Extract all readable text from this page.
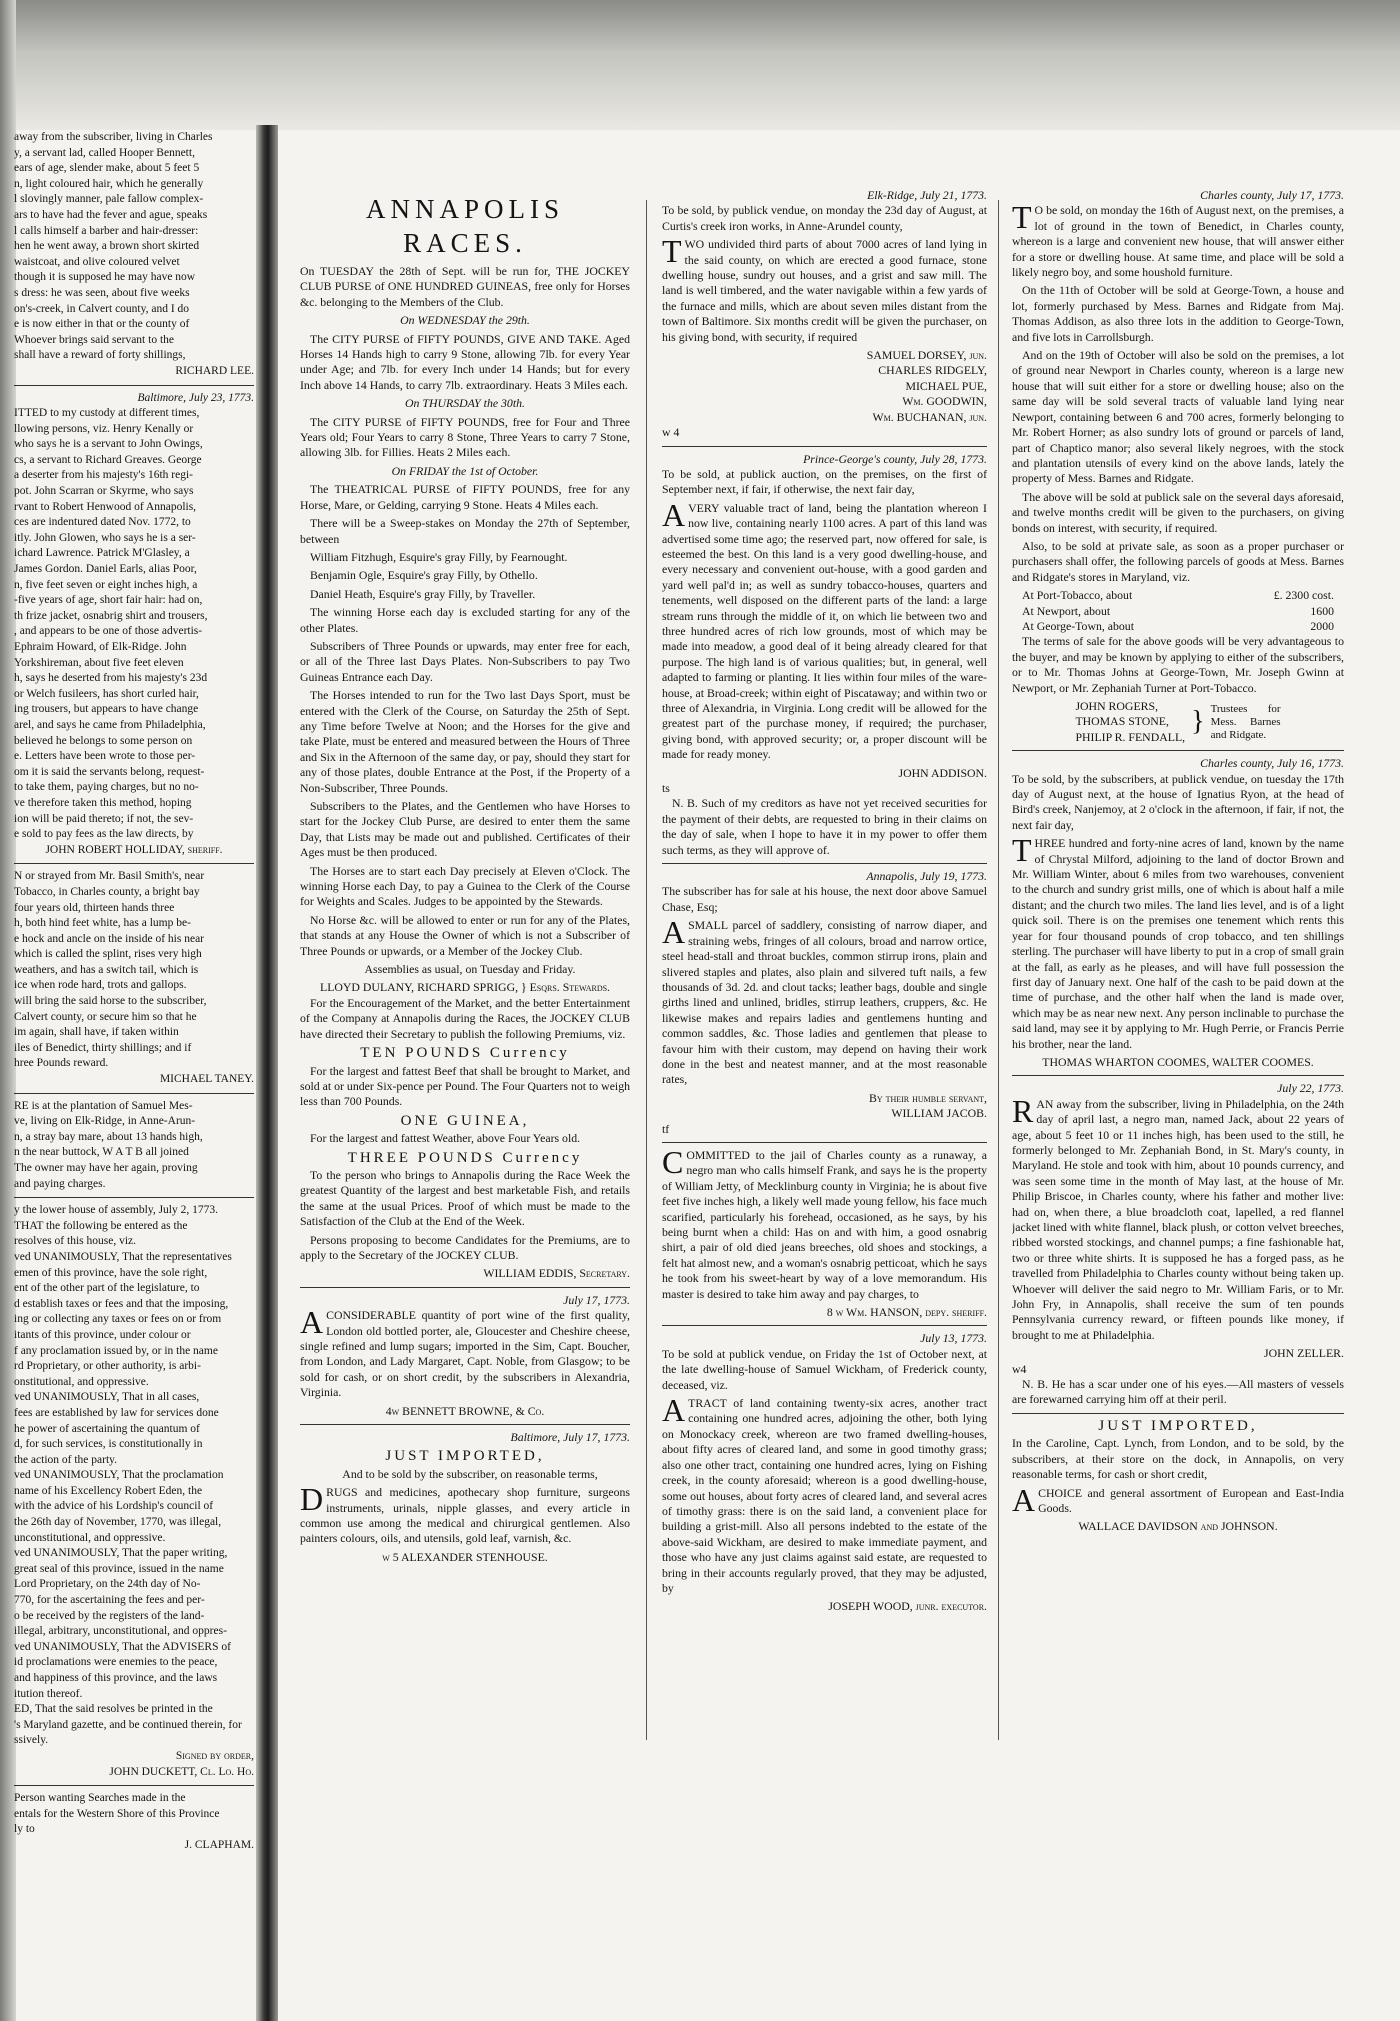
away from the subscriber, living in Charles
y, a servant lad, called Hooper Bennett,
ears of age, slender make, about 5 feet 5
n, light coloured hair, which he generally
l slovingly manner, pale fallow complex-
ars to have had the fever and ague, speaks
l calls himself a barber and hair-dresser:
hen he went away, a brown short skirted
waistcoat, and olive coloured velvet
though it is supposed he may have now
s dress: he was seen, about five weeks
on's-creek, in Calvert county, and I do
e is now either in that or the county of
Whoever brings said servant to the
shall have a reward of forty shillings,
RICHARD LEE.
Baltimore, July 23, 1773.
ITTED to my custody at different times,
llowing persons, viz. Henry Kenally or
who says he is a servant to John Owings,
cs, a servant to Richard Greaves. George
a deserter from his majesty's 16th regi-
pot. John Scarran or Skyrme, who says
rvant to Robert Henwood of Annapolis,
ces are indentured dated Nov. 1772, to
itly. John Glowen, who says he is a ser-
ichard Lawrence. Patrick M'Glasley, a
James Gordon. Daniel Earls, alias Poor,
n, five feet seven or eight inches high, a
-five years of age, short fair hair: had on,
th frize jacket, osnabrig shirt and trousers,
, and appears to be one of those advertis-
Ephraim Howard, of Elk-Ridge. John
Yorkshireman, about five feet eleven
h, says he deserted from his majesty's 23d
or Welch fusileers, has short curled hair,
ing trousers, but appears to have change
arel, and says he came from Philadelphia,
believed he belongs to some person on
e. Letters have been wrote to those per-
om it is said the servants belong, request-
to take them, paying charges, but no no-
ve therefore taken this method, hoping
ion will be paid thereto; if not, the sev-
e sold to pay fees as the law directs, by
JOHN ROBERT HOLLIDAY, sheriff.
N or strayed from Mr. Basil Smith's, near
Tobacco, in Charles county, a bright bay
four years old, thirteen hands three
h, both hind feet white, has a lump be-
e hock and ancle on the inside of his near
which is called the splint, rises very high
weathers, and has a switch tail, which is
ice when rode hard, trots and gallops.
will bring the said horse to the subscriber,
Calvert county, or secure him so that he
im again, shall have, if taken within
iles of Benedict, thirty shillings; and if
hree Pounds reward.
MICHAEL TANEY.
RE is at the plantation of Samuel Mes-
ve, living on Elk-Ridge, in Anne-Arun-
n, a stray bay mare, about 13 hands high,
n the near buttock, W A T B all joined
The owner may have her again, proving
and paying charges.
y the lower house of assembly, July 2, 1773.
THAT the following be entered as the
resolves of this house, viz.
ved UNANIMOUSLY, That the representatives
emen of this province, have the sole right,
ent of the other part of the legislature, to
d establish taxes or fees and that the imposing,
ing or collecting any taxes or fees on or from
itants of this province, under colour or
f any proclamation issued by, or in the name
rd Proprietary, or other authority, is arbi-
onstitutional, and oppressive.
ved UNANIMOUSLY, That in all cases,
fees are established by law for services done
he power of ascertaining the quantum of
d, for such services, is constitutionally in
the action of the party.
ved UNANIMOUSLY, That the proclamation
name of his Excellency Robert Eden, the
with the advice of his Lordship's council of
the 26th day of November, 1770, was illegal,
unconstitutional, and oppressive.
ved UNANIMOUSLY, That the paper writing,
great seal of this province, issued in the name
Lord Proprietary, on the 24th day of No-
770, for the ascertaining the fees and per-
o be received by the registers of the land-
illegal, arbitrary, unconstitutional, and oppres-
ved UNANIMOUSLY, That the ADVISERS of
id proclamations were enemies to the peace,
and happiness of this province, and the laws
itution thereof.
ED, That the said resolves be printed in the
's Maryland gazette, and be continued therein, for
ssively.
Signed by order,
JOHN DUCKETT, Cl. Lo. Ho.
Person wanting Searches made in the
entals for the Western Shore of this Province
ly to
J. CLAPHAM.
ANNAPOLIS RACES.

On TUESDAY the 28th of Sept. will be run for, THE JOCKEY CLUB PURSE of ONE HUNDRED GUINEAS, free only for Horses &c. belonging to the Members of the Club.

On WEDNESDAY the 29th.

The CITY PURSE of FIFTY POUNDS, GIVE AND TAKE. Aged Horses 14 Hands high to carry 9 Stone, allowing 7lb. for every Year under Age; and 7lb. for every Inch under 14 Hands; but for every Inch above 14 Hands, to carry 7lb. extraordinary. Heats 3 Miles each.

On THURSDAY the 30th.

The CITY PURSE of FIFTY POUNDS, free for Four and Three Years old; Four Years to carry 8 Stone, Three Years to carry 7 Stone, allowing 3lb. for Fillies. Heats 2 Miles each.

On FRIDAY the 1st of October.

The THEATRICAL PURSE of FIFTY POUNDS, free for any Horse, Mare, or Gelding, carrying 9 Stone. Heats 4 Miles each.

There will be a Sweep-stakes on Monday the 27th of September, between

William Fitzhugh, Esquire's gray Filly, by Fearnought.

Benjamin Ogle, Esquire's gray Filly, by Othello.

Daniel Heath, Esquire's gray Filly, by Traveller.

The winning Horse each day is excluded starting for any of the other Plates.

Subscribers of Three Pounds or upwards, may enter free for each, or all of the Three last Days Plates. Non-Subscribers to pay Two Guineas Entrance each Day.

The Horses intended to run for the Two last Days Sport, must be entered with the Clerk of the Course, on Saturday the 25th of Sept. any Time before Twelve at Noon; and the Horses for the give and take Plate, must be entered and measured between the Hours of Three and Six in the Afternoon of the same day, or pay, should they start for any of those plates, double Entrance at the Post, if the Property of a Non-Subscriber, Three Pounds.

Subscribers to the Plates, and the Gentlemen who have Horses to start for the Jockey Club Purse, are desired to enter them the same Day, that Lists may be made out and published. Certificates of their Ages must be then produced.

The Horses are to start each Day precisely at Eleven o'Clock. The winning Horse each Day, to pay a Guinea to the Clerk of the Course for Weights and Scales. Judges to be appointed by the Stewards.

No Horse &c. will be allowed to enter or run for any of the Plates, that stands at any House the Owner of which is not a Subscriber of Three Pounds or upwards, or a Member of the Jockey Club.

Assemblies as usual, on Tuesday and Friday.

LLOYD DULANY, RICHARD SPRIGG, } Esqrs. Stewards.

For the Encouragement of the Market, and the better Entertainment of the Company at Annapolis during the Races, the JOCKEY CLUB have directed their Secretary to publish the following Premiums, viz.

TEN POUNDS Currency

For the largest and fattest Beef that shall be brought to Market, and sold at or under Six-pence per Pound. The Four Quarters not to weigh less than 700 Pounds.

ONE GUINEA,

For the largest and fattest Weather, above Four Years old.

THREE POUNDS Currency

To the person who brings to Annapolis during the Race Week the greatest Quantity of the largest and best marketable Fish, and retails the same at the usual Prices. Proof of which must be made to the Satisfaction of the Club at the End of the Week.

Persons proposing to become Candidates for the Premiums, are to apply to the Secretary of the JOCKEY CLUB.

WILLIAM EDDIS, Secretary.
July 17, 1773.

ACONSIDERABLE quantity of port wine of the first quality, London old bottled porter, ale, Gloucester and Cheshire cheese, single refined and lump sugars; imported in the Sim, Capt. Boucher, from London, and Lady Margaret, Capt. Noble, from Glasgow; to be sold for cash, or on short credit, by the subscribers in Alexandria, Virginia.

4w BENNETT BROWNE, & Co.
Baltimore, July 17, 1773.
JUST IMPORTED,

And to be sold by the subscriber, on reasonable terms,

DRUGS and medicines, apothecary shop furniture, surgeons instruments, urinals, nipple glasses, and every article in common use among the medical and chirurgical gentlemen. Also painters colours, oils, and utensils, gold leaf, varnish, &c.

w 5 ALEXANDER STENHOUSE.
Elk-Ridge, July 21, 1773.

To be sold, by publick vendue, on monday the 23d day of August, at Curtis's creek iron works, in Anne-Arundel county,

TWO undivided third parts of about 7000 acres of land lying in the said county, on which are erected a good furnace, stone dwelling house, sundry out houses, and a grist and saw mill. The land is well timbered, and the water navigable within a few yards of the furnace and mills, which are about seven miles distant from the town of Baltimore. Six months credit will be given the purchaser, on his giving bond, with security, if required

SAMUEL DORSEY, jun.
CHARLES RIDGELY,
MICHAEL PUE,
Wm. GOODWIN,
Wm. BUCHANAN, jun.
w 4
Prince-George's county, July 28, 1773.

To be sold, at publick auction, on the premises, on the first of September next, if fair, if otherwise, the next fair day,

AVERY valuable tract of land, being the plantation whereon I now live, containing nearly 1100 acres. A part of this land was advertised some time ago; the reserved part, now offered for sale, is esteemed the best. On this land is a very good dwelling-house, and every necessary and convenient out-house, with a good garden and yard well pal'd in; as well as sundry tobacco-houses, quarters and tenements, well disposed on the different parts of the land: a large stream runs through the middle of it, on which lie between two and three hundred acres of rich low grounds, most of which may be made into meadow, a good deal of it being already cleared for that purpose. The high land is of various qualities; but, in general, well adapted to farming or planting. It lies within four miles of the ware-house, at Broad-creek; within eight of Piscataway; and within two or three of Alexandria, in Virginia. Long credit will be allowed for the greatest part of the purchase money, if required; the purchaser, giving bond, with approved security; or, a proper discount will be made for ready money.

JOHN ADDISON.
ts

N. B. Such of my creditors as have not yet received securities for the payment of their debts, are requested to bring in their claims on the day of sale, when I hope to have it in my power to offer them such terms, as they will approve of.

Annapolis, July 19, 1773.

The subscriber has for sale at his house, the next door above Samuel Chase, Esq;

ASMALL parcel of saddlery, consisting of narrow diaper, and straining webs, fringes of all colours, broad and narrow ortice, steel head-stall and throat buckles, common stirrup irons, plain and slivered staples and plates, also plain and silvered tuft nails, a few thousands of 3d. 2d. and clout tacks; leather bags, double and single girths lined and unlined, bridles, stirrup leathers, cruppers, &c. He likewise makes and repairs ladies and gentlemens hunting and common saddles, &c. Those ladies and gentlemen that please to favour him with their custom, may depend on having their work done in the best and neatest manner, and at the most reasonable rates,

By their humble servant,
WILLIAM JACOB.
tf

COMMITTED to the jail of Charles county as a runaway, a negro man who calls himself Frank, and says he is the property of William Jetty, of Mecklinburg county in Virginia; he is about five feet five inches high, a likely well made young fellow, his face much scarified, particularly his forehead, occasioned, as he says, by his being burnt when a child: Has on and with him, a good osnabrig shirt, a pair of old died jeans breeches, old shoes and stockings, a felt hat almost new, and a woman's osnabrig petticoat, which he says he took from his sweet-heart by way of a love memorandum. His master is desired to take him away and pay charges, to

8 w Wm. HANSON, depy. sheriff.
July 13, 1773.

To be sold at publick vendue, on Friday the 1st of October next, at the late dwelling-house of Samuel Wickham, of Frederick county, deceased, viz.

ATRACT of land containing twenty-six acres, another tract containing one hundred acres, adjoining the other, both lying on Monockacy creek, whereon are two framed dwelling-houses, about fifty acres of cleared land, and some in good timothy grass; also one other tract, containing one hundred acres, lying on Fishing creek, in the county aforesaid; whereon is a good dwelling-house, some out houses, about forty acres of cleared land, and several acres of timothy grass: there is on the said land, a convenient place for building a grist-mill. Also all persons indebted to the estate of the above-said Wickham, are desired to make immediate payment, and those who have any just claims against said estate, are requested to bring in their accounts regularly proved, that they may be adjusted, by

JOSEPH WOOD, junr. executor.
Charles county, July 17, 1773.

TO be sold, on monday the 16th of August next, on the premises, a lot of ground in the town of Benedict, in Charles county, whereon is a large and convenient new house, that will answer either for a store or dwelling house. At same time, and place will be sold a likely negro boy, and some houshold furniture.

On the 11th of October will be sold at George-Town, a house and lot, formerly purchased by Mess. Barnes and Ridgate from Maj. Thomas Addison, as also three lots in the addition to George-Town, and five lots in Carrollsburgh.

And on the 19th of October will also be sold on the premises, a lot of ground near Newport in Charles county, whereon is a large new house that will suit either for a store or dwelling house; also on the same day will be sold several tracts of valuable land lying near Newport, containing between 6 and 700 acres, formerly belonging to Mr. Robert Horner; as also sundry lots of ground or parcels of land, part of Chaptico manor; also several likely negroes, with the stock and plantation utensils of every kind on the above lands, lately the property of Mess. Barnes and Ridgate.

The above will be sold at publick sale on the several days aforesaid, and twelve months credit will be given to the purchasers, on giving bonds on interest, with security, if required.

Also, to be sold at private sale, as soon as a proper purchaser or purchasers shall offer, the following parcels of goods at Mess. Barnes and Ridgate's stores in Maryland, viz.

At Port-Tobacco, about	£. 2300 cost.
At Newport, about	1600
At George-Town, about	2000

The terms of sale for the above goods will be very advantageous to the buyer, and may be known by applying to either of the subscribers, or to Mr. Thomas Johns at George-Town, Mr. Joseph Gwinn at Newport, or Mr. Zephaniah Turner at Port-Tobacco.

JOHN ROGERS,
THOMAS STONE,
PHILIP R. FENDALL, } Trustees for Mess. Barnes and Ridgate.
Charles county, July 16, 1773.

To be sold, by the subscribers, at publick vendue, on tuesday the 17th day of August next, at the house of Ignatius Ryon, at the head of Bird's creek, Nanjemoy, at 2 o'clock in the afternoon, if fair, if not, the next fair day,

THREE hundred and forty-nine acres of land, known by the name of Chrystal Milford, adjoining to the land of doctor Brown and Mr. William Winter, about 6 miles from two warehouses, convenient to the church and sundry grist mills, one of which is about half a mile distant; and the church two miles. The land lies level, and is of a light quick soil. There is on the premises one tenement which rents this year for four thousand pounds of crop tobacco, and ten shillings sterling. The purchaser will have liberty to put in a crop of small grain at the fall, as early as he pleases, and will have full possession the first day of January next. One half of the cash to be paid down at the time of purchase, and the other half when the land is made over, which may be as near new next. Any person inclinable to purchase the said land, may see it by applying to Mr. Hugh Perrie, or Francis Perrie his brother, near the land.

THOMAS WHARTON COOMES, WALTER COOMES.
July 22, 1773.

RAN away from the subscriber, living in Philadelphia, on the 24th day of april last, a negro man, named Jack, about 22 years of age, about 5 feet 10 or 11 inches high, has been used to the still, he formerly belonged to Mr. Zephaniah Bond, in St. Mary's county, in Maryland. He stole and took with him, about 10 pounds currency, and was seen some time in the month of May last, at the house of Mr. Philip Briscoe, in Charles county, where his father and mother live: had on, when there, a blue broadcloth coat, lapelled, a red flannel jacket lined with white flannel, black plush, or cotton velvet breeches, ribbed worsted stockings, and channel pumps; a fine fashionable hat, two or three white shirts. It is supposed he has a forged pass, as he travelled from Philadelphia to Charles county without being taken up. Whoever will deliver the said negro to Mr. William Faris, or to Mr. John Fry, in Annapolis, shall receive the sum of ten pounds Pennsylvania currency reward, or fifteen pounds like money, if brought to me at Philadelphia.

JOHN ZELLER.
w4

N. B. He has a scar under one of his eyes.—All masters of vessels are forewarned carrying him off at their peril.

JUST IMPORTED,

In the Caroline, Capt. Lynch, from London, and to be sold, by the subscribers, at their store on the dock, in Annapolis, on very reasonable terms, for cash or short credit,

ACHOICE and general assortment of European and East-India Goods.

WALLACE DAVIDSON and JOHNSON.
